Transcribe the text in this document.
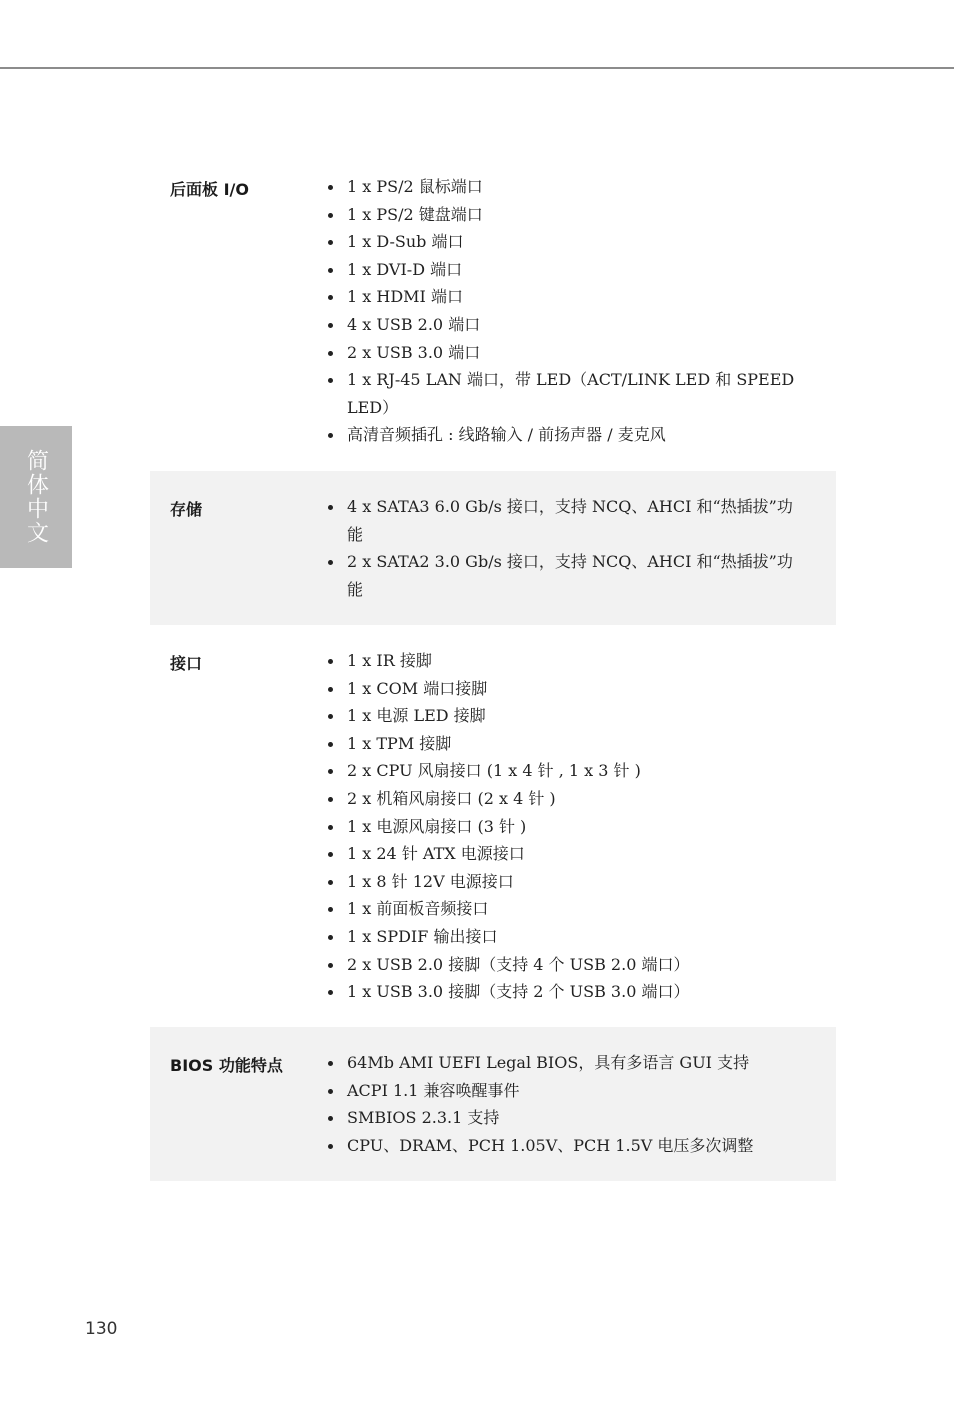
简体中文
后面板 I/O	1 x PS/2 鼠标端口
1 x PS/2 键盘端口
1 x D-Sub 端口
1 x DVI-D 端口
1 x HDMI 端口
4 x USB 2.0 端口
2 x USB 3.0 端口
1 x RJ-45 LAN 端口，带 LED（ACT/LINK LED 和 SPEED LED）
高清音频插孔 : 线路输入 / 前扬声器 / 麦克风
存储	4 x SATA3 6.0 Gb/s 接口，支持 NCQ、AHCI 和“热插拔”功能
2 x SATA2 3.0 Gb/s 接口，支持 NCQ、AHCI 和“热插拔”功能
接口	1 x IR 接脚
1 x COM 端口接脚
1 x 电源 LED 接脚
1 x TPM 接脚
2 x CPU 风扇接口 (1 x 4 针 , 1 x 3 针 )
2 x 机箱风扇接口 (2 x 4 针 )
1 x 电源风扇接口 (3 针 )
1 x 24 针 ATX 电源接口
1 x 8 针 12V 电源接口
1 x 前面板音频接口
1 x SPDIF 输出接口
2 x USB 2.0 接脚（支持 4 个 USB 2.0 端口）
1 x USB 3.0 接脚（支持 2 个 USB 3.0 端口）
BIOS 功能特点	64Mb AMI UEFI Legal BIOS，具有多语言 GUI 支持
ACPI 1.1 兼容唤醒事件
SMBIOS 2.3.1 支持
CPU、DRAM、PCH 1.05V、PCH 1.5V 电压多次调整
130
